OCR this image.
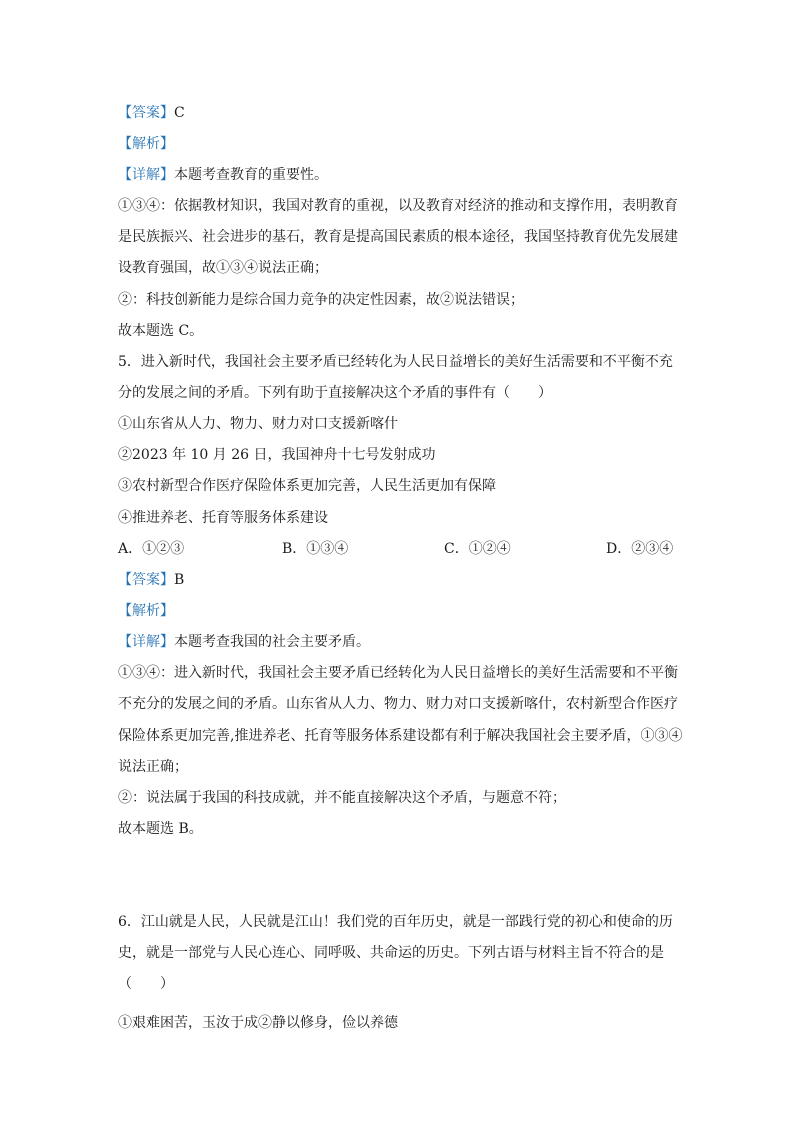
【答案】C
【解析】
【详解】本题考查教育的重要性。
①③④：依据教材知识，我国对教育的重视，以及教育对经济的推动和支撑作用，表明教育
是民族振兴、社会进步的基石，教育是提高国民素质的根本途径，我国坚持教育优先发展建
设教育强国，故①③④说法正确；
②：科技创新能力是综合国力竞争的决定性因素，故②说法错误；
故本题选 C。
5．进入新时代，我国社会主要矛盾已经转化为人民日益增长的美好生活需要和不平衡不充
分的发展之间的矛盾。下列有助于直接解决这个矛盾的事件有（　　）
①山东省从人力、物力、财力对口支援新喀什
②2023 年 10 月 26 日，我国神舟十七号发射成功
③农村新型合作医疗保险体系更加完善，人民生活更加有保障
④推进养老、托育等服务体系建设
A．①②③	B．①③④	C．①②④	D．②③④
【答案】B
【解析】
【详解】本题考查我国的社会主要矛盾。
①③④：进入新时代，我国社会主要矛盾已经转化为人民日益增长的美好生活需要和不平衡
不充分的发展之间的矛盾。山东省从人力、物力、财力对口支援新喀什，农村新型合作医疗
保险体系更加完善,推进养老、托育等服务体系建设都有利于解决我国社会主要矛盾，①③④
说法正确；
②：说法属于我国的科技成就，并不能直接解决这个矛盾，与题意不符；
故本题选 B。
6．江山就是人民，人民就是江山！我们党的百年历史，就是一部践行党的初心和使命的历
史，就是一部党与人民心连心、同呼吸、共命运的历史。下列古语与材料主旨不符合的是
（　　）
①艰难困苦，玉汝于成②静以修身，俭以养德
